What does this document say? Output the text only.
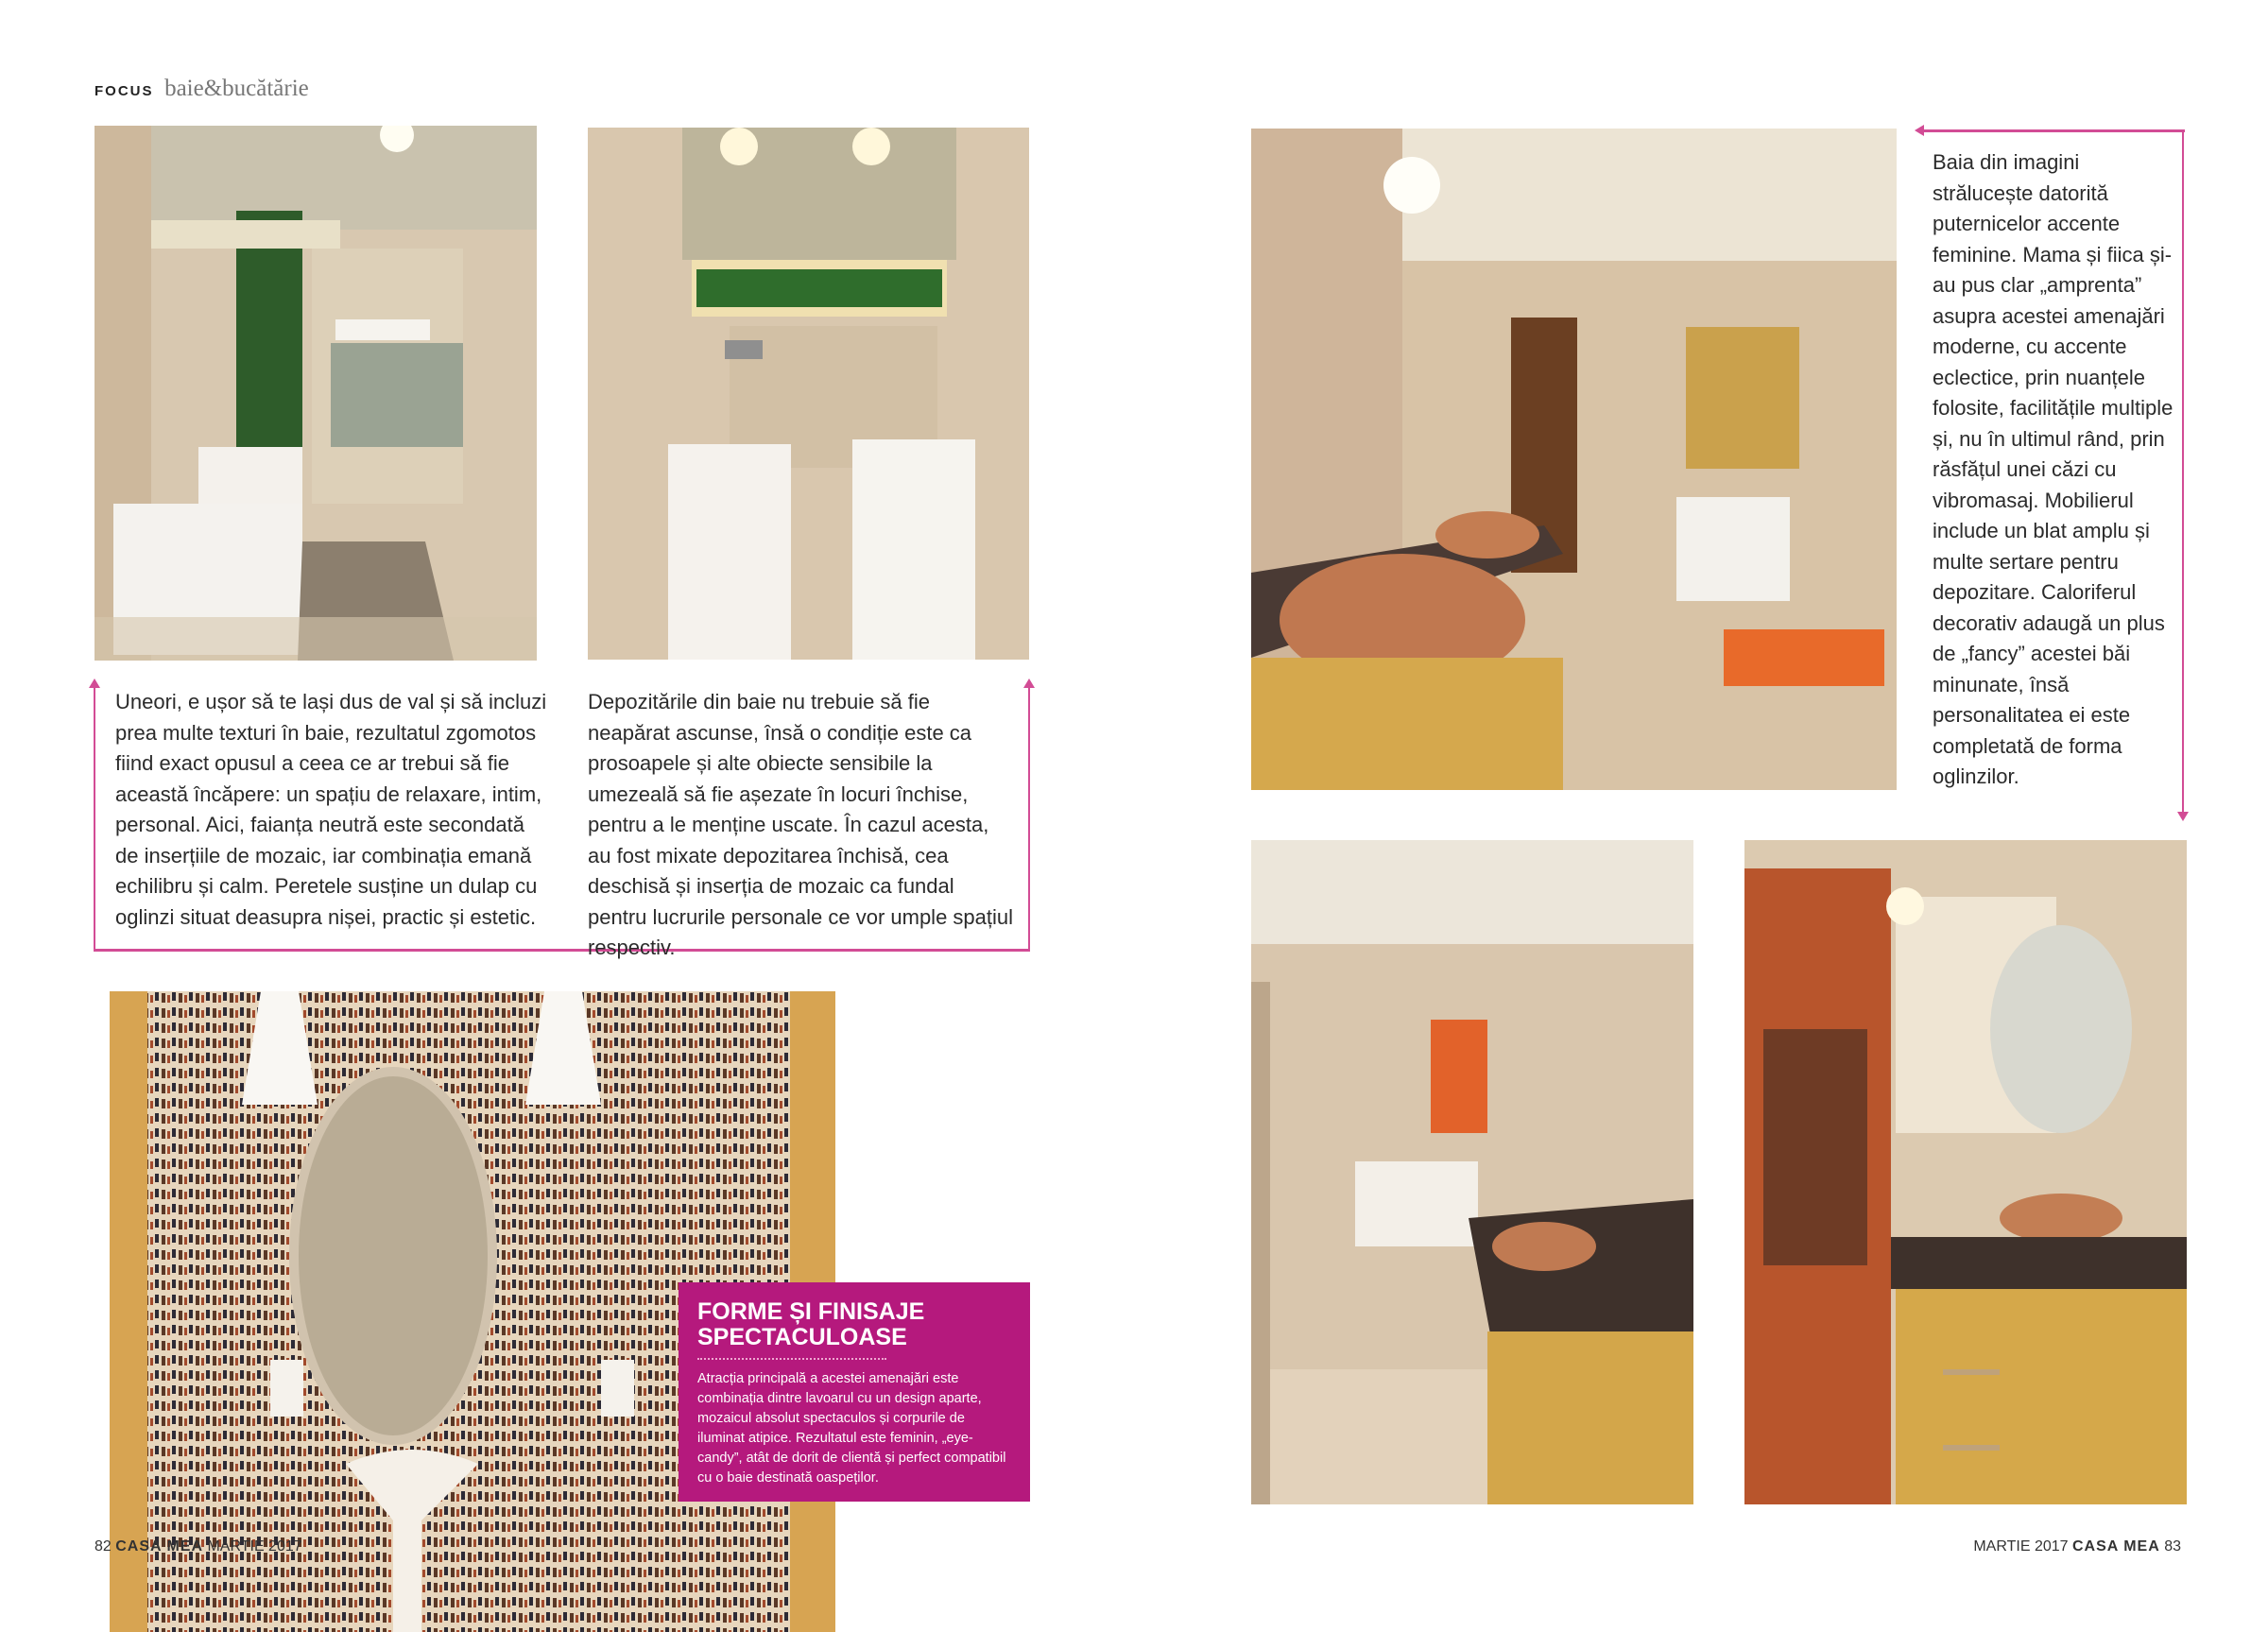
FOCUS baie&bucătărie
Uneori, e ușor să te lași dus de val și să incluzi prea multe texturi în baie, rezultatul zgomotos fiind exact opusul a ceea ce ar trebui să fie această încăpere: un spațiu de relaxare, intim, personal. Aici, faianța neutră este secondată de inserțiile de mozaic, iar combinația emană echilibru și calm. Peretele susține un dulap cu oglinzi situat deasupra nișei, practic și estetic.
Depozitările din baie nu trebuie să fie neapărat ascunse, însă o condiție este ca prosoapele și alte obiecte sensibile la umezeală să fie așezate în locuri închise, pentru a le menține uscate. În cazul acesta, au fost mixate depozitarea închisă, cea deschisă și inserția de mozaic ca fundal pentru lucrurile personale ce vor umple spațiul respectiv.
Baia din imagini strălucește datorită puternicelor accente feminine. Mama și fiica și-au pus clar „amprenta” asupra acestei amenajări moderne, cu accente eclectice, prin nuanțele folosite, facilitățile multiple și, nu în ultimul rând, prin răsfățul unei căzi cu vibromasaj. Mobilierul include un blat amplu și multe sertare pentru depozitare. Caloriferul decorativ adaugă un plus de „fancy” acestei băi minunate, însă personalitatea ei este completată de forma oglinzilor.
FORME ȘI FINISAJE SPECTACULOASE
Atracția principală a acestei amenajări este combinația dintre lavoarul cu un design aparte, mozaicul absolut spectaculos și corpurile de iluminat atipice. Rezultatul este feminin, „eye-candy”, atât de dorit de clientă și perfect compatibil cu o baie destinată oaspeților.
82 CASA MEA MARTIE 2017	MARTIE 2017 CASA MEA 83
